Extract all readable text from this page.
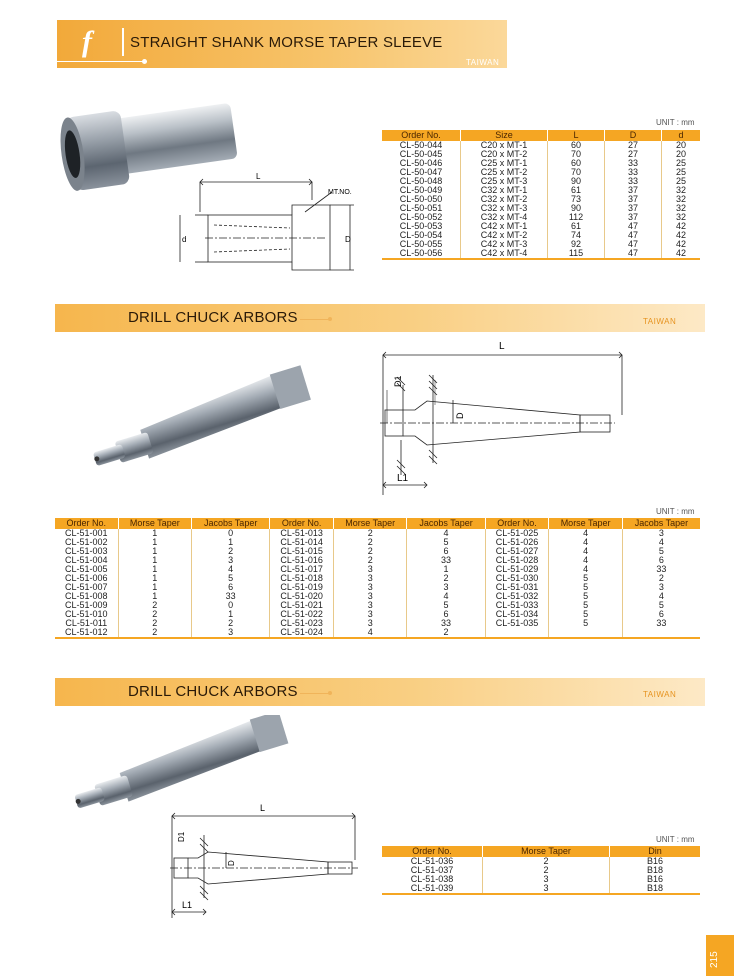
f	STRAIGHT SHANK MORSE TAPER SLEEVE
TAIWAN
L
MT.NO.
d	D
UNIT : mm
Order No.	Size	L	D	d
CL-50-044	C20 x MT-1	60	27	20
CL-50-045	C20 x MT-2	70	27	20
CL-50-046	C25 x MT-1	60	33	25
CL-50-047	C25 x MT-2	70	33	25
CL-50-048	C25 x MT-3	90	33	25
CL-50-049	C32 x MT-1	61	37	32
CL-50-050	C32 x MT-2	73	37	32
CL-50-051	C32 x MT-3	90	37	32
CL-50-052	C32 x MT-4	112	37	32
CL-50-053	C42 x MT-1	61	47	42
CL-50-054	C42 x MT-2	74	47	42
CL-50-055	C42 x MT-3	92	47	42
CL-50-056	C42 x MT-4	115	47	42
DRILL CHUCK ARBORS	TAIWAN
L
D1
D
L1
UNIT : mm
Order No.	Morse Taper	Jacobs Taper	Order No.	Morse Taper	Jacobs Taper	Order No.	Morse Taper	Jacobs Taper
CL-51-001	1	0	CL-51-013	2	4	CL-51-025	4	3
CL-51-002	1	1	CL-51-014	2	5	CL-51-026	4	4
CL-51-003	1	2	CL-51-015	2	6	CL-51-027	4	5
CL-51-004	1	3	CL-51-016	2	33	CL-51-028	4	6
CL-51-005	1	4	CL-51-017	3	1	CL-51-029	4	33
CL-51-006	1	5	CL-51-018	3	2	CL-51-030	5	2
CL-51-007	1	6	CL-51-019	3	3	CL-51-031	5	3
CL-51-008	1	33	CL-51-020	3	4	CL-51-032	5	4
CL-51-009	2	0	CL-51-021	3	5	CL-51-033	5	5
CL-51-010	2	1	CL-51-022	3	6	CL-51-034	5	6
CL-51-011	2	2	CL-51-023	3	33	CL-51-035	5	33
CL-51-012	2	3	CL-51-024	4	2			
DRILL CHUCK ARBORS	TAIWAN
L
D1
D
L1
UNIT : mm
Order No.	Morse Taper	Din
CL-51-036	2	B16
CL-51-037	2	B18
CL-51-038	3	B16
CL-51-039	3	B18
215
